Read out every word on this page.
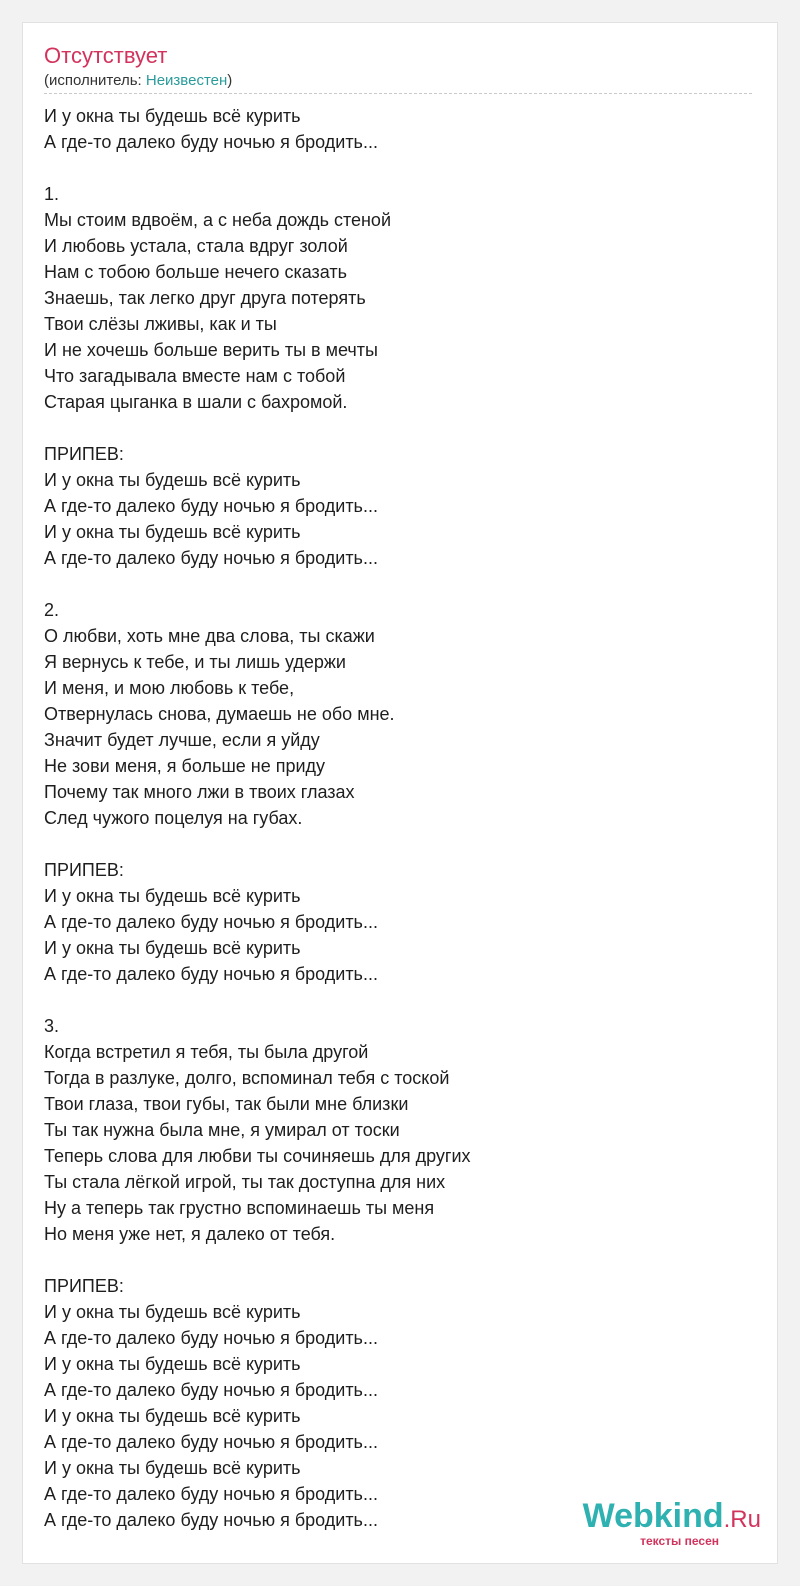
Отсутствует
(исполнитель: Неизвестен)
И у окна ты будешь всё курить
А где-то далеко буду ночью я бродить...
1.
Мы стоим вдвоём, а с неба дождь стеной
И любовь устала, стала вдруг золой
Нам с тобою больше нечего сказать
Знаешь, так легко друг друга потерять
Твои слёзы лживы, как и ты
И не хочешь больше верить ты в мечты
Что загадывала вместе нам с тобой
Старая цыганка в шали с бахромой.
ПРИПЕВ:
И у окна ты будешь всё курить
А где-то далеко буду ночью я бродить...
И у окна ты будешь всё курить
А где-то далеко буду ночью я бродить...
2.
О любви, хоть мне два слова, ты скажи
Я вернусь к тебе, и ты лишь удержи
И меня, и мою любовь к тебе,
Отвернулась снова, думаешь не обо мне.
Значит будет лучше, если я уйду
Не зови меня, я больше не приду
Почему так много лжи в твоих глазах
След чужого поцелуя на губах.
ПРИПЕВ:
И у окна ты будешь всё курить
А где-то далеко буду ночью я бродить...
И у окна ты будешь всё курить
А где-то далеко буду ночью я бродить...
3.
Когда встретил я тебя, ты была другой
Тогда в разлуке, долго, вспоминал тебя с тоской
Твои глаза, твои губы, так были мне близки
Ты так нужна была мне, я умирал от тоски
Теперь слова для любви ты сочиняешь для других
Ты стала лёгкой игрой, ты так доступна для них
Ну а теперь так грустно вспоминаешь ты меня
Но меня уже нет, я далеко от тебя.
ПРИПЕВ:
И у окна ты будешь всё курить
А где-то далеко буду ночью я бродить...
И у окна ты будешь всё курить
А где-то далеко буду ночью я бродить...
И у окна ты будешь всё курить
А где-то далеко буду ночью я бродить...
И у окна ты будешь всё курить
А где-то далеко буду ночью я бродить...
А где-то далеко буду ночью я бродить...	Webkind.Ru
тексты песен
